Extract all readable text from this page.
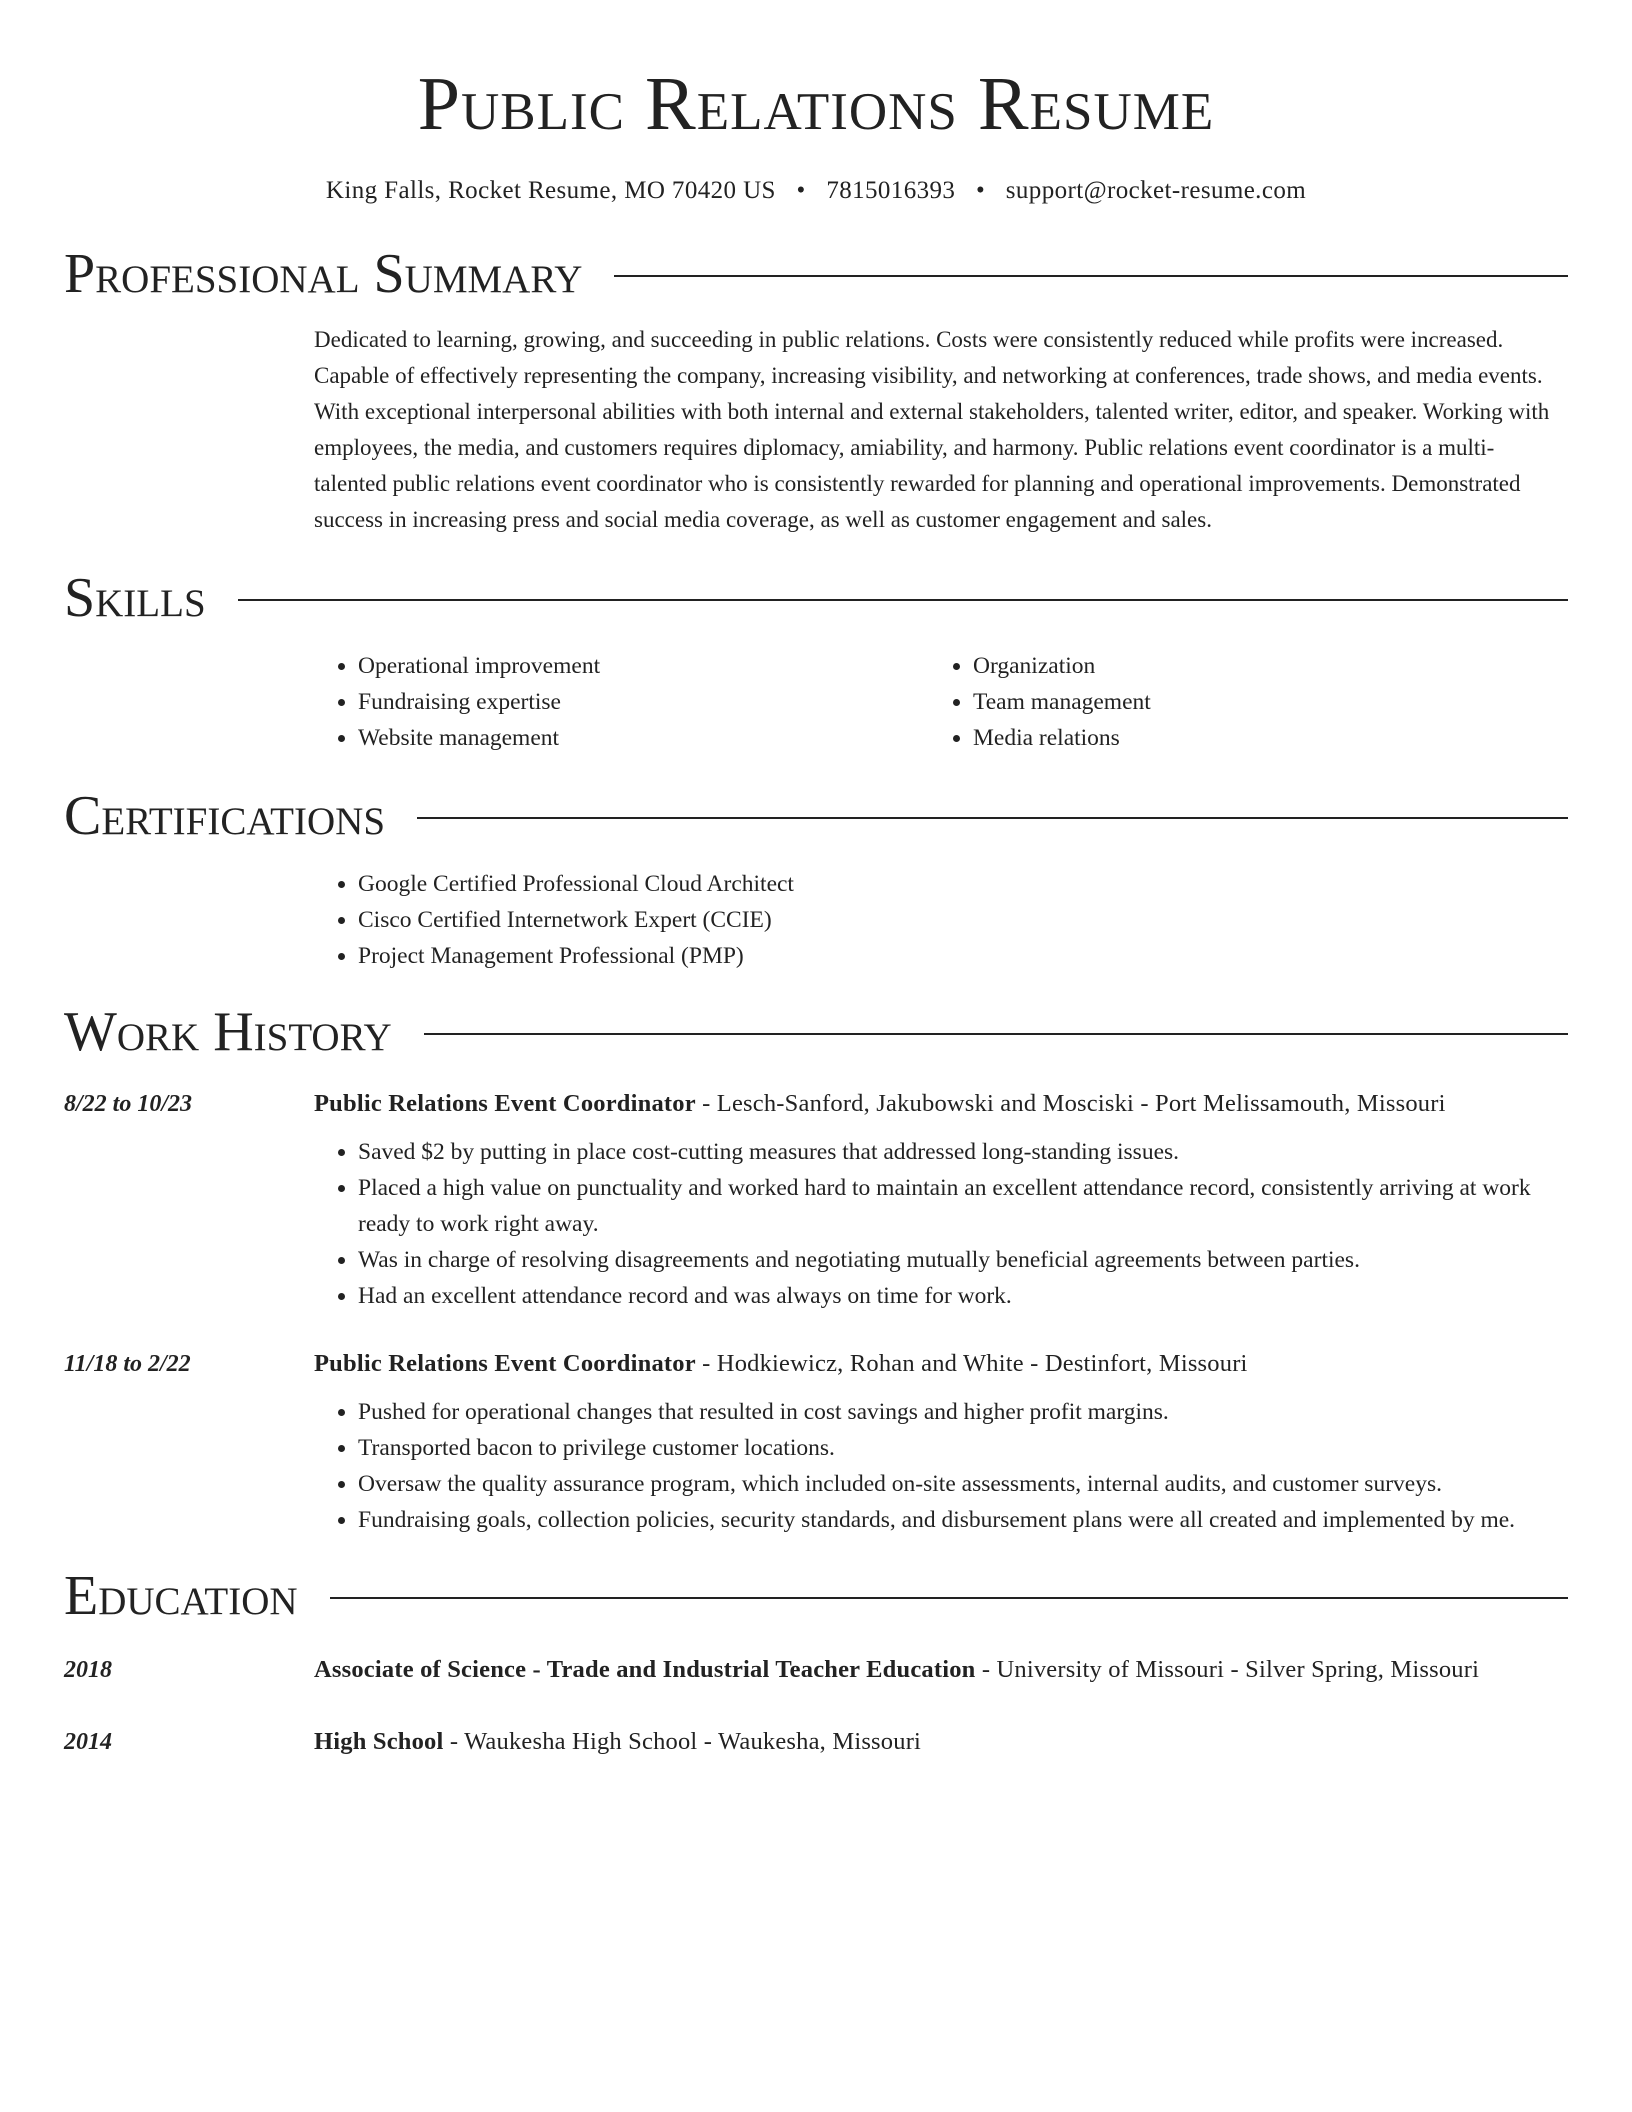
Public Relations Resume
King Falls, Rocket Resume, MO 70420 US • 7815016393 • support@rocket-resume.com
Professional Summary
Dedicated to learning, growing, and succeeding in public relations. Costs were consistently reduced while profits were increased. Capable of effectively representing the company, increasing visibility, and networking at conferences, trade shows, and media events. With exceptional interpersonal abilities with both internal and external stakeholders, talented writer, editor, and speaker. Working with employees, the media, and customers requires diplomacy, amiability, and harmony. Public relations event coordinator is a multi-talented public relations event coordinator who is consistently rewarded for planning and operational improvements. Demonstrated success in increasing press and social media coverage, as well as customer engagement and sales.
Skills
• Operational improvement
• Fundraising expertise
• Website management
• Organization
• Team management
• Media relations
Certifications
• Google Certified Professional Cloud Architect
• Cisco Certified Internetwork Expert (CCIE)
• Project Management Professional (PMP)
Work History
8/22 to 10/23	Public Relations Event Coordinator - Lesch-Sanford, Jakubowski and Mosciski - Port Melissamouth, Missouri
• Saved $2 by putting in place cost-cutting measures that addressed long-standing issues.
• Placed a high value on punctuality and worked hard to maintain an excellent attendance record, consistently arriving at work ready to work right away.
• Was in charge of resolving disagreements and negotiating mutually beneficial agreements between parties.
• Had an excellent attendance record and was always on time for work.
11/18 to 2/22	Public Relations Event Coordinator - Hodkiewicz, Rohan and White - Destinfort, Missouri
• Pushed for operational changes that resulted in cost savings and higher profit margins.
• Transported bacon to privilege customer locations.
• Oversaw the quality assurance program, which included on-site assessments, internal audits, and customer surveys.
• Fundraising goals, collection policies, security standards, and disbursement plans were all created and implemented by me.
Education
2018	Associate of Science - Trade and Industrial Teacher Education - University of Missouri - Silver Spring, Missouri
2014	High School - Waukesha High School - Waukesha, Missouri
